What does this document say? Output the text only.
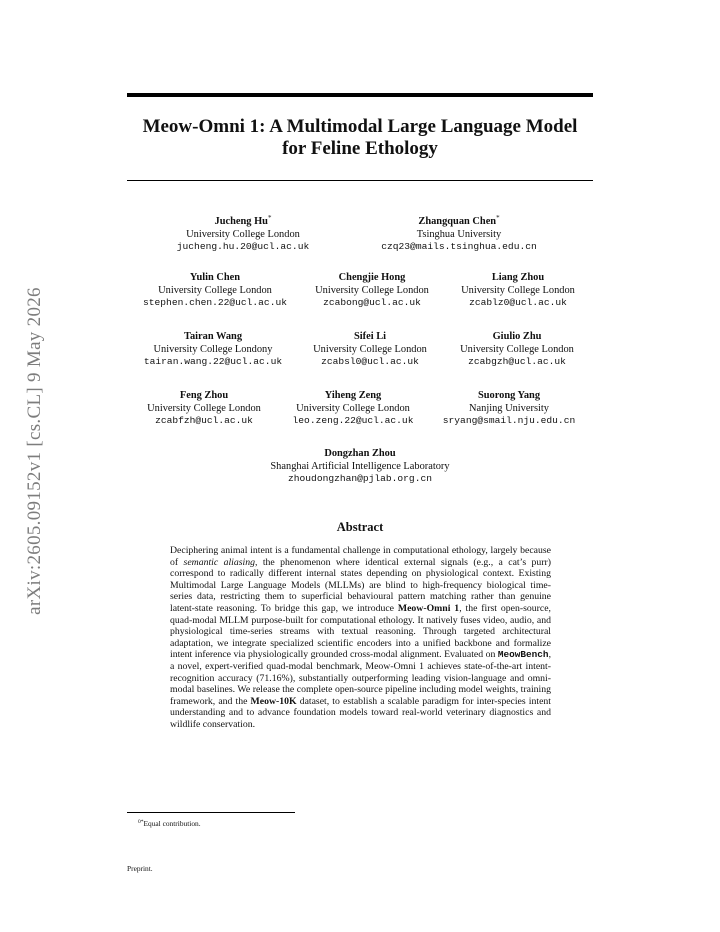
arXiv:2605.09152v1 [cs.CL] 9 May 2026
Meow-Omni 1: A Multimodal Large Language Model
for Feline Ethology
Jucheng Hu*
University College London
jucheng.hu.20@ucl.ac.uk
Zhangquan Chen*
Tsinghua University
czq23@mails.tsinghua.edu.cn
Yulin Chen
University College London
stephen.chen.22@ucl.ac.uk
Chengjie Hong
University College London
zcabong@ucl.ac.uk
Liang Zhou
University College London
zcablz0@ucl.ac.uk
Tairan Wang
University College Londony
tairan.wang.22@ucl.ac.uk
Sifei Li
University College London
zcabsl0@ucl.ac.uk
Giulio Zhu
University College London
zcabgzh@ucl.ac.uk
Feng Zhou
University College London
zcabfzh@ucl.ac.uk
Yiheng Zeng
University College London
leo.zeng.22@ucl.ac.uk
Suorong Yang
Nanjing University
sryang@smail.nju.edu.cn
Dongzhan Zhou
Shanghai Artificial Intelligence Laboratory
zhoudongzhan@pjlab.org.cn
Abstract
Deciphering animal intent is a fundamental challenge in computational ethology, largely because of semantic aliasing, the phenomenon where identical external signals (e.g., a cat’s purr) correspond to radically different internal states depending on physiological context. Existing Multimodal Large Language Models (MLLMs) are blind to high-frequency biological time-series data, restricting them to superficial behavioural pattern matching rather than genuine latent-state reasoning. To bridge this gap, we introduce Meow-Omni 1, the first open-source, quad-modal MLLM purpose-built for computational ethology. It natively fuses video, audio, and physiological time-series streams with textual reasoning. Through targeted architectural adaptation, we integrate specialized scientific encoders into a unified backbone and formalize intent inference via physiologically grounded cross-modal alignment. Evaluated on MeowBench, a novel, expert-verified quad-modal benchmark, Meow-Omni 1 achieves state-of-the-art intent-recognition accuracy (71.16%), substantially outperforming leading vision-language and omni-modal baselines. We release the complete open-source pipeline including model weights, training framework, and the Meow-10K dataset, to establish a scalable paradigm for inter-species intent understanding and to advance foundation models toward real-world veterinary diagnostics and wildlife conservation.
$^{0*}$Equal contribution.
Preprint.
